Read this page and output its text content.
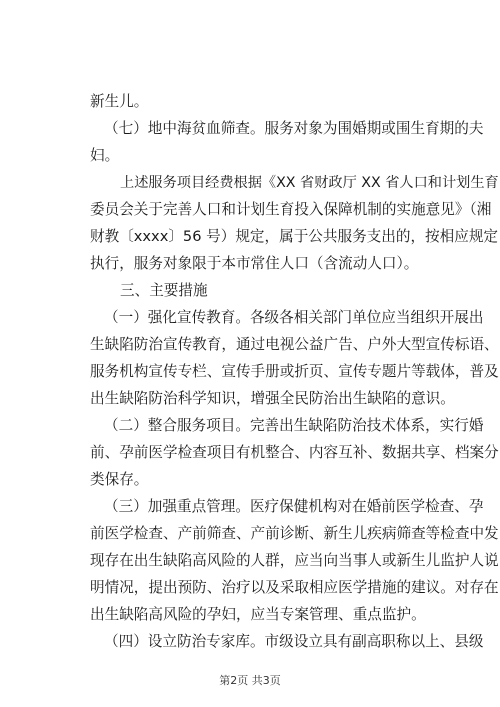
新生儿。

（七）地中海贫血筛查。服务对象为围婚期或围生育期的夫

妇。

上述服务项目经费根据《XX 省财政厅 XX 省人口和计划生育

委员会关于完善人口和计划生育投入保障机制的实施意见》（湘

财教〔xxxx〕56 号）规定，属于公共服务支出的，按相应规定

执行，服务对象限于本市常住人口（含流动人口）。

三、主要措施

（一）强化宣传教育。各级各相关部门单位应当组织开展出

生缺陷防治宣传教育，通过电视公益广告、户外大型宣传标语、

服务机构宣传专栏、宣传手册或折页、宣传专题片等载体，普及

出生缺陷防治科学知识，增强全民防治出生缺陷的意识。

（二）整合服务项目。完善出生缺陷防治技术体系，实行婚

前、孕前医学检查项目有机整合、内容互补、数据共享、档案分

类保存。

（三）加强重点管理。医疗保健机构对在婚前医学检查、孕

前医学检查、产前筛查、产前诊断、新生儿疾病筛查等检查中发

现存在出生缺陷高风险的人群，应当向当事人或新生儿监护人说

明情况，提出预防、治疗以及采取相应医学措施的建议。对存在

出生缺陷高风险的孕妇，应当专案管理、重点监护。

（四）设立防治专家库。市级设立具有副高职称以上、县级

第2页 共3页
